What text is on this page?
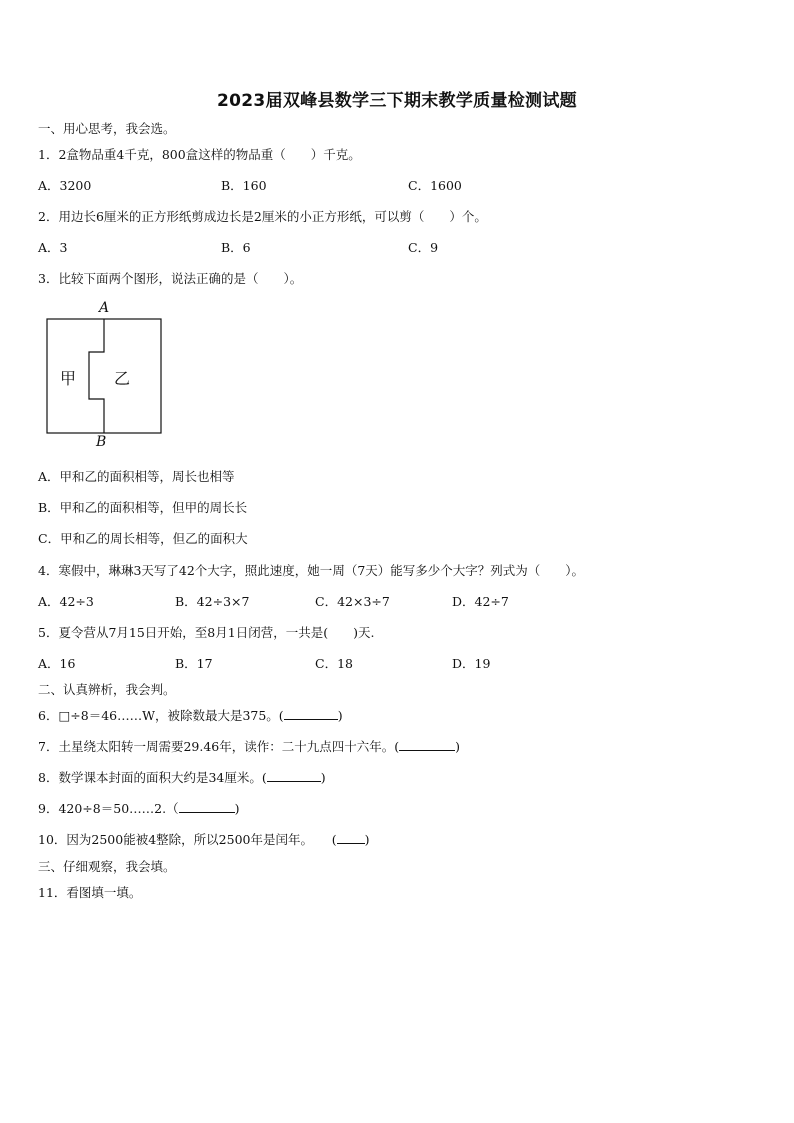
2023届双峰县数学三下期末教学质量检测试题
一、用心思考，我会选。
1．2盒物品重4千克，800盒这样的物品重（　　）千克。
A．3200	B．160	C．1600
2．用边长6厘米的正方形纸剪成边长是2厘米的小正方形纸，可以剪（　　）个。
A．3	B．6	C．9
3．比较下面两个图形，说法正确的是（　　）。
A
B
甲 乙
A．甲和乙的面积相等，周长也相等
B．甲和乙的面积相等，但甲的周长长
C．甲和乙的周长相等，但乙的面积大
4．寒假中，琳琳3天写了42个大字，照此速度，她一周（7天）能写多少个大字？列式为（　　）。
A．42÷3	B．42÷3×7	C．42×3÷7	D．42÷7
5．夏令营从7月15日开始，至8月1日闭营，一共是(　　)天.
A．16	B．17	C．18	D．19
二、认真辨析，我会判。
6．□÷8＝46……W，被除数最大是375。(	)
7．土星绕太阳转一周需要29.46年，读作：二十九点四十六年。(	)
8．数学课本封面的面积大约是34厘米。(	)
9．420÷8＝50……2.（	)
10．因为2500能被4整除，所以2500年是闰年。　　( )
三、仔细观察，我会填。
11．看图填一填。
